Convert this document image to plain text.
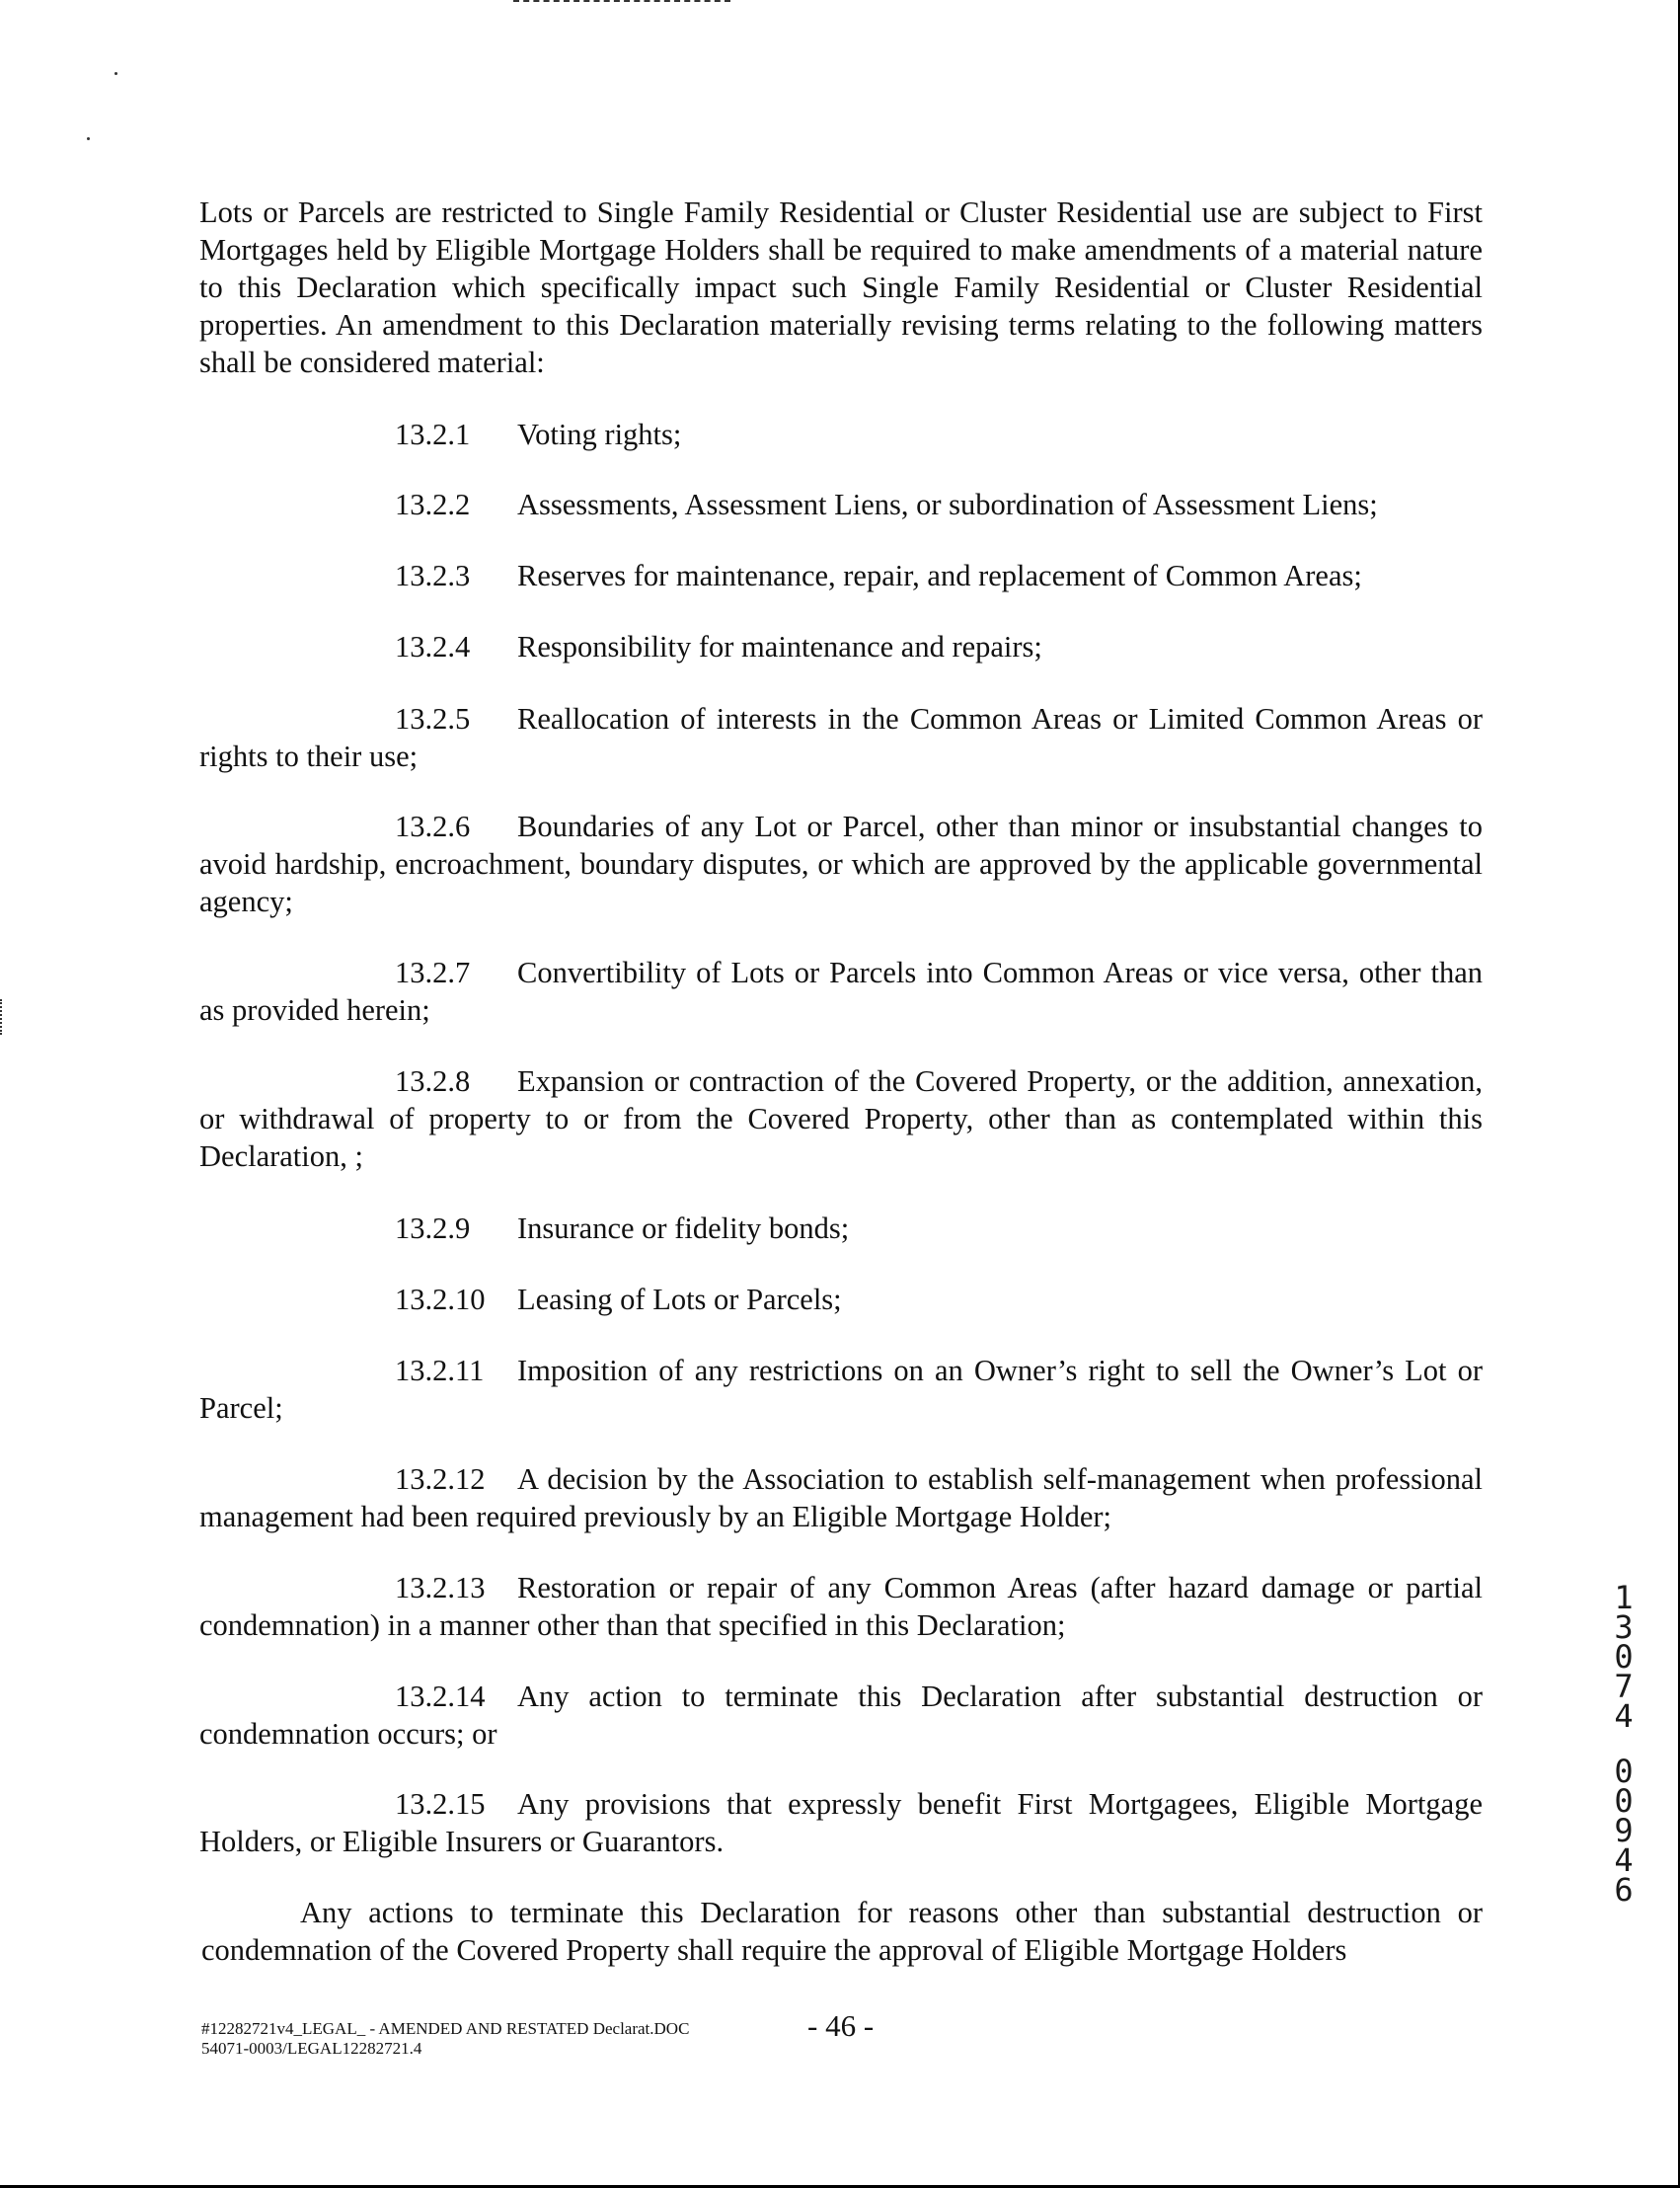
Lots or Parcels are restricted to Single Family Residential or Cluster Residential use are subject to First Mortgages held by Eligible Mortgage Holders shall be required to make amendments of a material nature to this Declaration which specifically impact such Single Family Residential or Cluster Residential properties. An amendment to this Declaration materially revising terms relating to the following matters shall be considered material:

13.2.1 Voting rights;
13.2.2 Assessments, Assessment Liens, or subordination of Assessment Liens;
13.2.3 Reserves for maintenance, repair, and replacement of Common Areas;
13.2.4 Responsibility for maintenance and repairs;

13.2.5 Reallocation of interests in the Common Areas or Limited Common Areas or rights to their use;

13.2.6 Boundaries of any Lot or Parcel, other than minor or insubstantial changes to avoid hardship, encroachment, boundary disputes, or which are approved by the applicable governmental agency;

13.2.7 Convertibility of Lots or Parcels into Common Areas or vice versa, other than as provided herein;

13.2.8 Expansion or contraction of the Covered Property, or the addition, annexation, or withdrawal of property to or from the Covered Property, other than as contemplated within this Declaration, ;

13.2.9 Insurance or fidelity bonds;
13.2.10 Leasing of Lots or Parcels;

13.2.11 Imposition of any restrictions on an Owner’s right to sell the Owner’s Lot or Parcel;

13.2.12 A decision by the Association to establish self-management when professional management had been required previously by an Eligible Mortgage Holder;

13.2.13 Restoration or repair of any Common Areas (after hazard damage or partial condemnation) in a manner other than that specified in this Declaration;

13.2.14 Any action to terminate this Declaration after substantial destruction or condemnation occurs; or

13.2.15 Any provisions that expressly benefit First Mortgagees, Eligible Mortgage Holders, or Eligible Insurers or Guarantors.

Any actions to terminate this Declaration for reasons other than substantial destruction or condemnation of the Covered Property shall require the approval of Eligible Mortgage Holders

#12282721v4_LEGAL_ - AMENDED AND RESTATED Declarat.DOC
54071-0003/LEGAL12282721.4
- 46 -
1
3
0
7
4
0
0
9
4
6
